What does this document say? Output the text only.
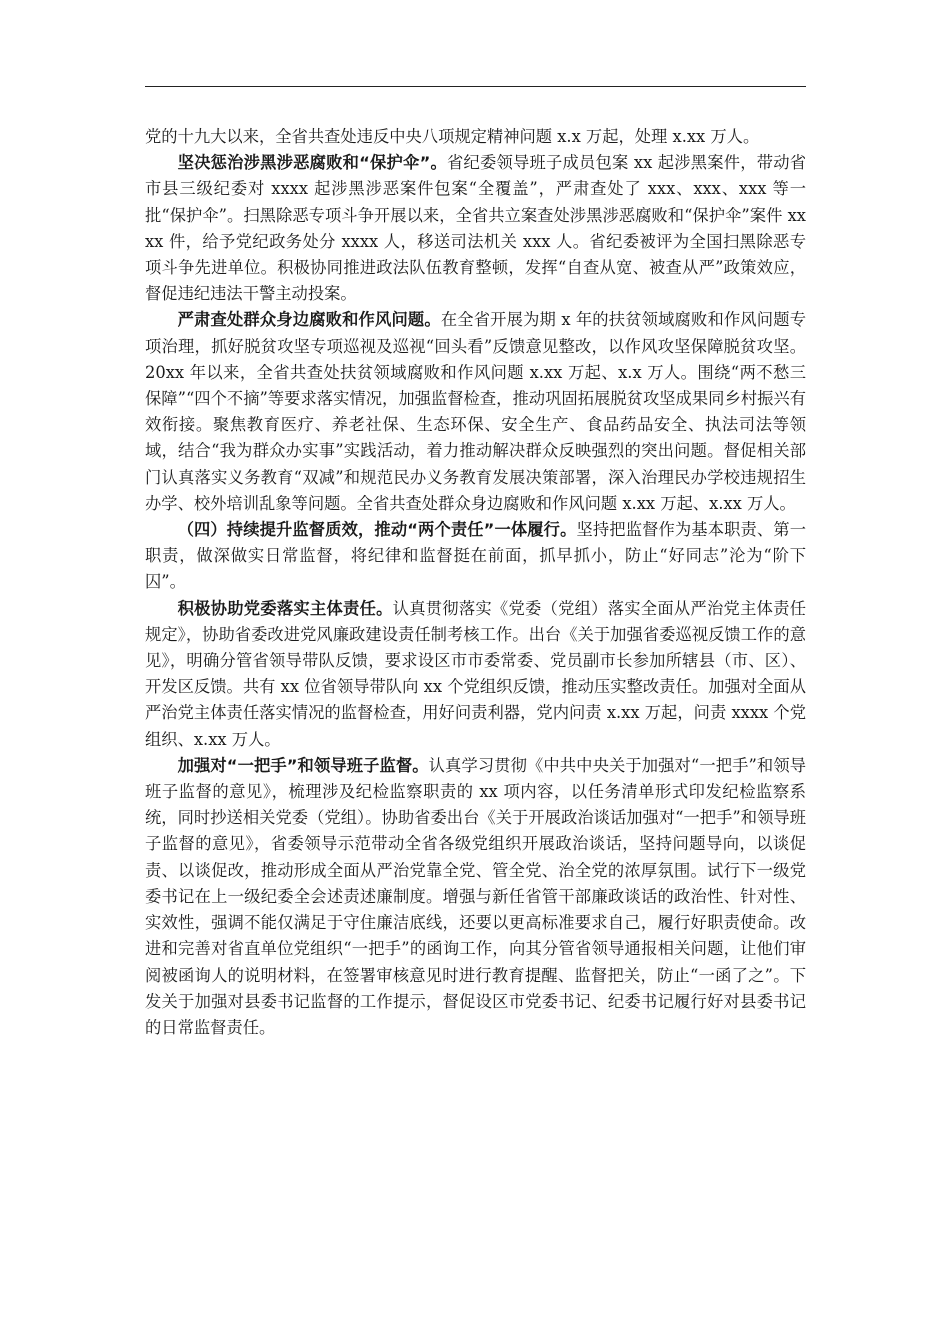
党的十九大以来，全省共查处违反中央八项规定精神问题 x.x 万起，处理 x.xx 万人。

坚决惩治涉黑涉恶腐败和“保护伞”。省纪委领导班子成员包案 xx 起涉黑案件，带动省市县三级纪委对 xxxx 起涉黑涉恶案件包案“全覆盖”，严肃查处了 xxx、xxx、xxx 等一批“保护伞”。扫黑除恶专项斗争开展以来，全省共立案查处涉黑涉恶腐败和“保护伞”案件 xxxx 件，给予党纪政务处分 xxxx 人，移送司法机关 xxx 人。省纪委被评为全国扫黑除恶专项斗争先进单位。积极协同推进政法队伍教育整顿，发挥“自查从宽、被查从严”政策效应，督促违纪违法干警主动投案。

严肃查处群众身边腐败和作风问题。在全省开展为期 x 年的扶贫领域腐败和作风问题专项治理，抓好脱贫攻坚专项巡视及巡视“回头看”反馈意见整改，以作风攻坚保障脱贫攻坚。20xx 年以来，全省共查处扶贫领域腐败和作风问题 x.xx 万起、x.x 万人。围绕“两不愁三保障”“四个不摘”等要求落实情况，加强监督检查，推动巩固拓展脱贫攻坚成果同乡村振兴有效衔接。聚焦教育医疗、养老社保、生态环保、安全生产、食品药品安全、执法司法等领域，结合“我为群众办实事”实践活动，着力推动解决群众反映强烈的突出问题。督促相关部门认真落实义务教育“双减”和规范民办义务教育发展决策部署，深入治理民办学校违规招生办学、校外培训乱象等问题。全省共查处群众身边腐败和作风问题 x.xx 万起、x.xx 万人。

（四）持续提升监督质效，推动“两个责任”一体履行。坚持把监督作为基本职责、第一职责，做深做实日常监督，将纪律和监督挺在前面，抓早抓小，防止“好同志”沦为“阶下囚”。

积极协助党委落实主体责任。认真贯彻落实《党委（党组）落实全面从严治党主体责任规定》，协助省委改进党风廉政建设责任制考核工作。出台《关于加强省委巡视反馈工作的意见》，明确分管省领导带队反馈，要求设区市市委常委、党员副市长参加所辖县（市、区）、开发区反馈。共有 xx 位省领导带队向 xx 个党组织反馈，推动压实整改责任。加强对全面从严治党主体责任落实情况的监督检查，用好问责利器，党内问责 x.xx 万起，问责 xxxx 个党组织、x.xx 万人。

加强对“一把手”和领导班子监督。认真学习贯彻《中共中央关于加强对“一把手”和领导班子监督的意见》，梳理涉及纪检监察职责的 xx 项内容，以任务清单形式印发纪检监察系统，同时抄送相关党委（党组）。协助省委出台《关于开展政治谈话加强对“一把手”和领导班子监督的意见》，省委领导示范带动全省各级党组织开展政治谈话，坚持问题导向，以谈促责、以谈促改，推动形成全面从严治党靠全党、管全党、治全党的浓厚氛围。试行下一级党委书记在上一级纪委全会述责述廉制度。增强与新任省管干部廉政谈话的政治性、针对性、实效性，强调不能仅满足于守住廉洁底线，还要以更高标准要求自己，履行好职责使命。改进和完善对省直单位党组织“一把手”的函询工作，向其分管省领导通报相关问题，让他们审阅被函询人的说明材料，在签署审核意见时进行教育提醒、监督把关，防止“一函了之”。下发关于加强对县委书记监督的工作提示，督促设区市党委书记、纪委书记履行好对县委书记的日常监督责任。
